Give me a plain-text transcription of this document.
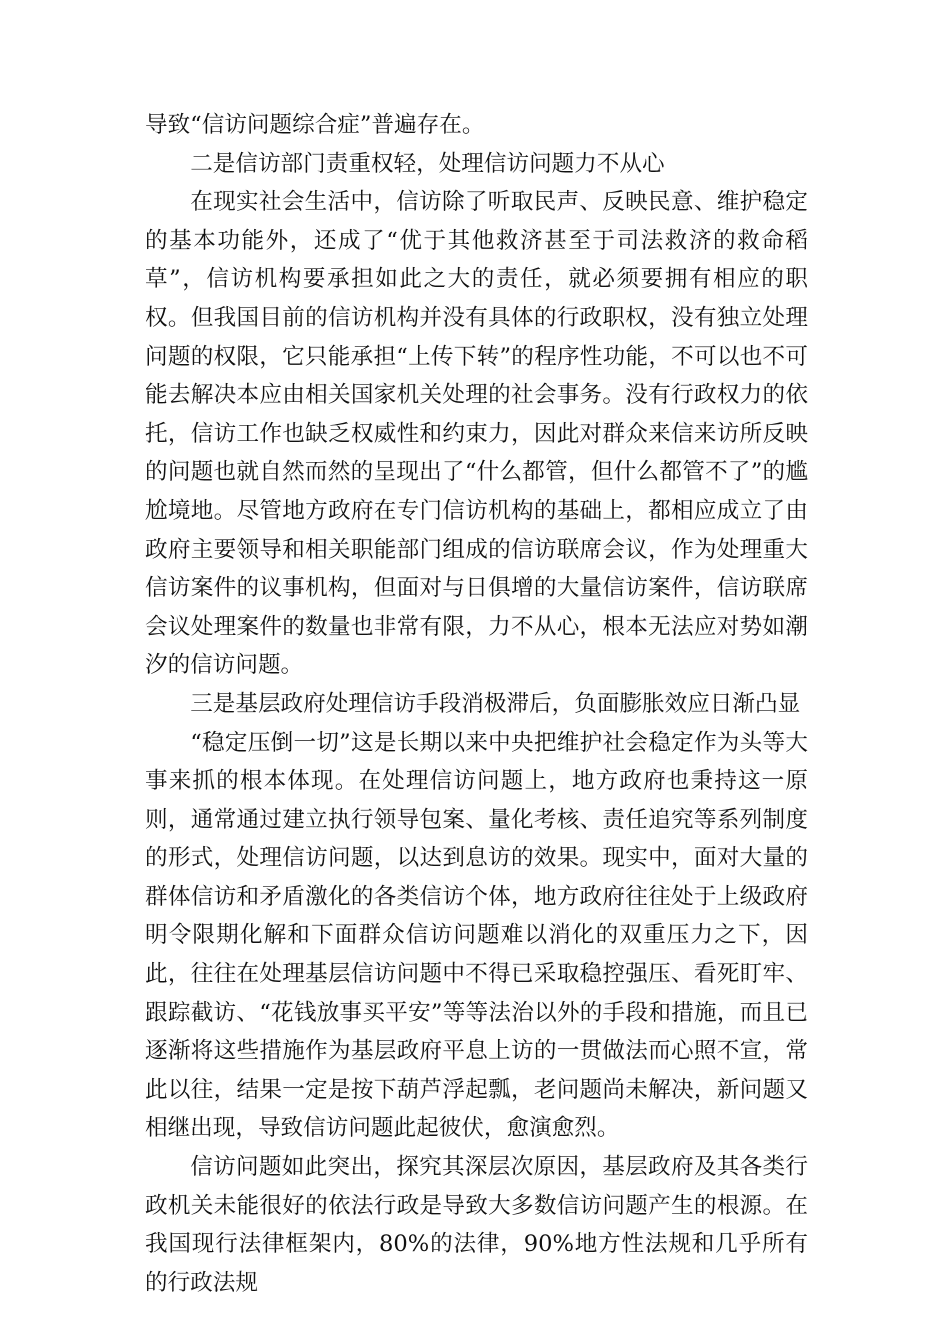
导致“信访问题综合症”普遍存在。

二是信访部门责重权轻，处理信访问题力不从心

在现实社会生活中，信访除了听取民声、反映民意、维护稳定的基本功能外，还成了“优于其他救济甚至于司法救济的救命稻草”，信访机构要承担如此之大的责任，就必须要拥有相应的职权。但我国目前的信访机构并没有具体的行政职权，没有独立处理问题的权限，它只能承担“上传下转”的程序性功能，不可以也不可能去解决本应由相关国家机关处理的社会事务。没有行政权力的依托，信访工作也缺乏权威性和约束力，因此对群众来信来访所反映的问题也就自然而然的呈现出了“什么都管，但什么都管不了”的尴尬境地。尽管地方政府在专门信访机构的基础上，都相应成立了由政府主要领导和相关职能部门组成的信访联席会议，作为处理重大信访案件的议事机构，但面对与日俱增的大量信访案件，信访联席会议处理案件的数量也非常有限，力不从心，根本无法应对势如潮汐的信访问题。

三是基层政府处理信访手段消极滞后，负面膨胀效应日渐凸显

“稳定压倒一切”这是长期以来中央把维护社会稳定作为头等大事来抓的根本体现。在处理信访问题上，地方政府也秉持这一原则，通常通过建立执行领导包案、量化考核、责任追究等系列制度的形式，处理信访问题，以达到息访的效果。现实中，面对大量的群体信访和矛盾激化的各类信访个体，地方政府往往处于上级政府明令限期化解和下面群众信访问题难以消化的双重压力之下，因此，往往在处理基层信访问题中不得已采取稳控强压、看死盯牢、跟踪截访、“花钱放事买平安”等等法治以外的手段和措施，而且已逐渐将这些措施作为基层政府平息上访的一贯做法而心照不宣，常此以往，结果一定是按下葫芦浮起瓢，老问题尚未解决，新问题又相继出现，导致信访问题此起彼伏，愈演愈烈。

信访问题如此突出，探究其深层次原因，基层政府及其各类行政机关未能很好的依法行政是导致大多数信访问题产生的根源。在我国现行法律框架内，80%的法律，90%地方性法规和几乎所有的行政法规
